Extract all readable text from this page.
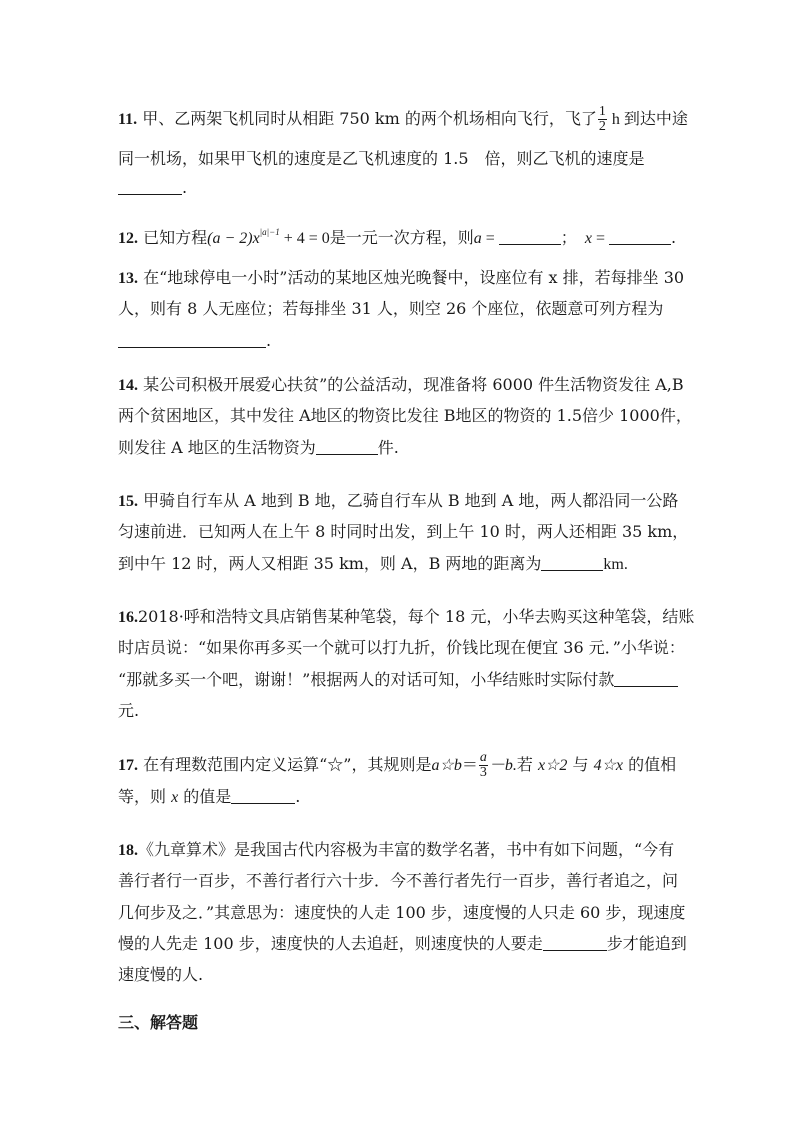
11. 甲、乙两架飞机同时从相距 750 km 的两个机场相向飞行，飞了 $\frac{1}{2}$ h 到达中途
同一机场，如果甲飞机的速度是乙飞机速度的 1.5　倍，则乙飞机的速度是
.
12. 已知方程$(a - 2)x^{|a|-1} + 4 = 0$是一元一次方程，则a =	；　 x =	.
13. 在“地球停电一小时”活动的某地区烛光晚餐中，设座位有 x 排，若每排坐 30
人，则有 8 人无座位；若每排坐 31 人，则空 26 个座位，依题意可列方程为
.
14. 某公司积极开展爱心扶贫”的公益活动，现准备将 6000 件生活物资发往 A,B
两个贫困地区，其中发往 A地区的物资比发往 B地区的物资的 1.5倍少 1000件，
则发往 A 地区的生活物资为	件.
15. 甲骑自行车从 A 地到 B 地，乙骑自行车从 B 地到 A 地，两人都沿同一公路
匀速前进．已知两人在上午 8 时同时出发，到上午 10 时，两人还相距 35 km，
到中午 12 时，两人又相距 35 km，则 A，B 两地的距离为	km.
16.2018·呼和浩特文具店销售某种笔袋，每个 18 元，小华去购买这种笔袋，结账
时店员说：“如果你再多买一个就可以打九折，价钱比现在便宜 36 元．”小华说：
“那就多买一个吧，谢谢！”根据两人的对话可知，小华结账时实际付款
元.
17. 在有理数范围内定义运算“☆”，其规则是a☆b＝ $\frac{a}{3} -b$.若 x☆2 与 4☆x 的值相
等，则 x 的值是	.
18.《九章算术》是我国古代内容极为丰富的数学名著，书中有如下问题，“今有
善行者行一百步，不善行者行六十步．今不善行者先行一百步，善行者追之，问
几何步及之．”其意思为：速度快的人走 100 步，速度慢的人只走 60 步，现速度
慢的人先走 100 步，速度快的人去追赶，则速度快的人要走	步才能追到
速度慢的人.
三、解答题
